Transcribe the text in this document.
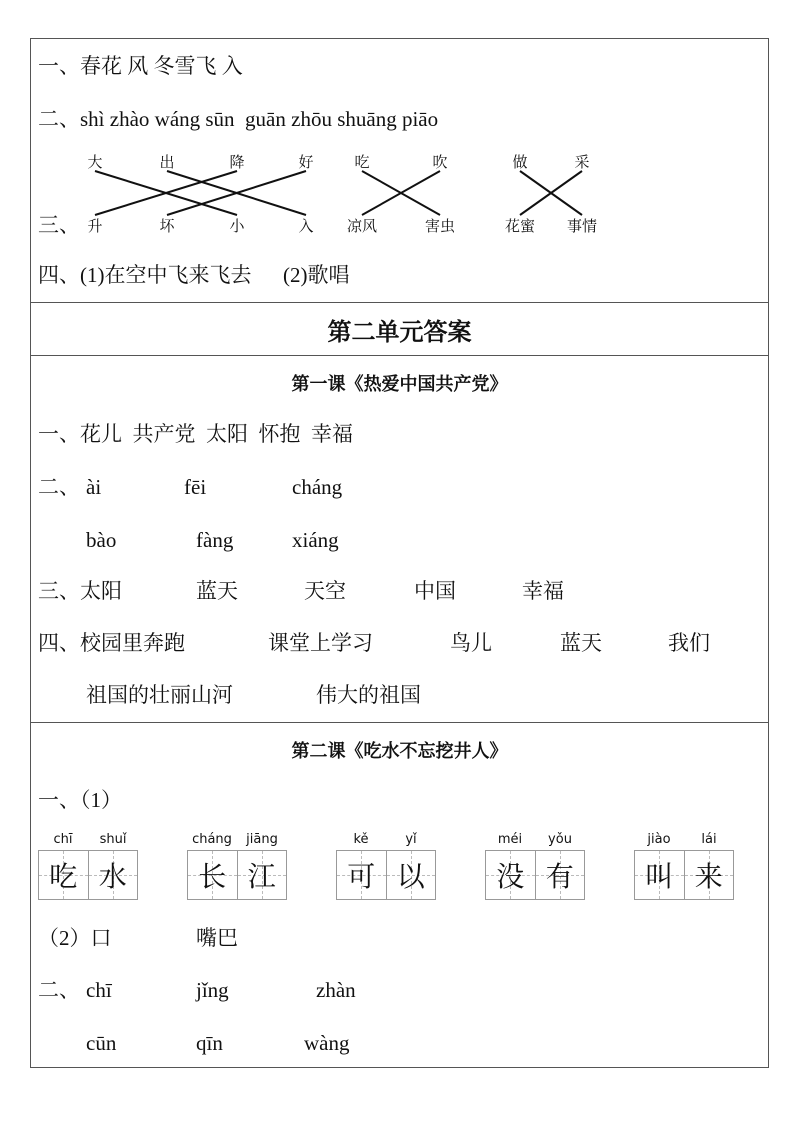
一、春花 风 冬雪飞 入
二、shì zhào wáng sūn  guān zhōu shuāng piāo
三、
大	出	降	好	吃	吹	做	采
升	坏	小	入 凉风	害虫	花蜜 事情
四、(1)在空中飞来飞去      (2)歌唱
第二单元答案
第一课《热爱中国共产党》
一、花儿  共产党  太阳  怀抱  幸福
二、 ài	fēi	cháng
bào	fàng	xiáng
三、太阳	蓝天	天空	中国	幸福
四、校园里奔跑	课堂上学习	鸟儿	蓝天	我们
祖国的壮丽山河	伟大的祖国
第二课《吃水不忘挖井人》
一、（1）
chī shuǐ
吃 水
cháng jiāng
长 江
kě	yǐ
可 以
méi yǒu
没 有
jiào lái
叫 来
（2）口	嘴巴
二、 chī	jǐng	zhàn
cūn	qīn	wàng
